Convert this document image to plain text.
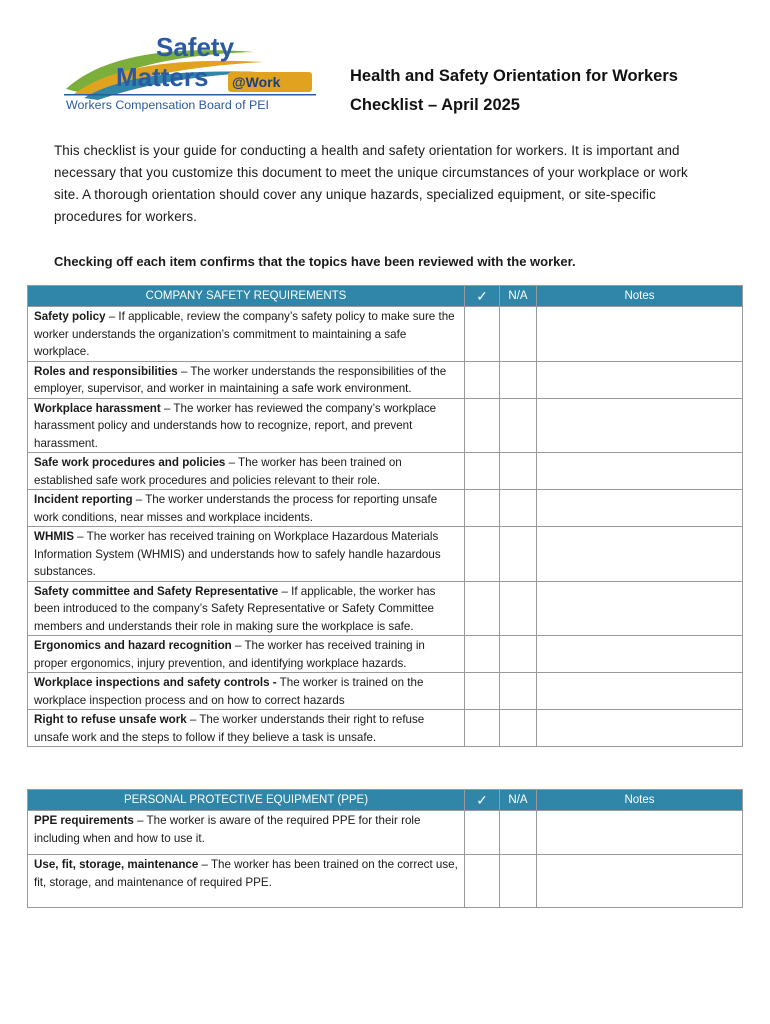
Safety
Matters @Work
Workers Compensation Board of PEI
Health and Safety Orientation for Workers
Checklist – April 2025
This checklist is your guide for conducting a health and safety orientation for workers. It is important and necessary that you customize this document to meet the unique circumstances of your workplace or work site. A thorough orientation should cover any unique hazards, specialized equipment, or site-specific procedures for workers.
Checking off each item confirms that the topics have been reviewed with the worker.
COMPANY SAFETY REQUIREMENTS	✓	N/A	Notes
Safety policy – If applicable, review the company’s safety policy to make sure the worker understands the organization’s commitment to maintaining a safe workplace.			
Roles and responsibilities – The worker understands the responsibilities of the employer, supervisor, and worker in maintaining a safe work environment.			
Workplace harassment – The worker has reviewed the company’s workplace harassment policy and understands how to recognize, report, and prevent harassment.			
Safe work procedures and policies – The worker has been trained on established safe work procedures and policies relevant to their role.			
Incident reporting – The worker understands the process for reporting unsafe work conditions, near misses and workplace incidents.			
WHMIS – The worker has received training on Workplace Hazardous Materials Information System (WHMIS) and understands how to safely handle hazardous substances.			
Safety committee and Safety Representative – If applicable, the worker has been introduced to the company’s Safety Representative or Safety Committee members and understands their role in making sure the workplace is safe.			
Ergonomics and hazard recognition – The worker has received training in proper ergonomics, injury prevention, and identifying workplace hazards.			
Workplace inspections and safety controls - The worker is trained on the workplace inspection process and on how to correct hazards			
Right to refuse unsafe work – The worker understands their right to refuse unsafe work and the steps to follow if they believe a task is unsafe.			
PERSONAL PROTECTIVE EQUIPMENT (PPE)	✓	N/A	Notes
PPE requirements – The worker is aware of the required PPE for their role including when and how to use it.			
Use, fit, storage, maintenance – The worker has been trained on the correct use, fit, storage, and maintenance of required PPE.			
